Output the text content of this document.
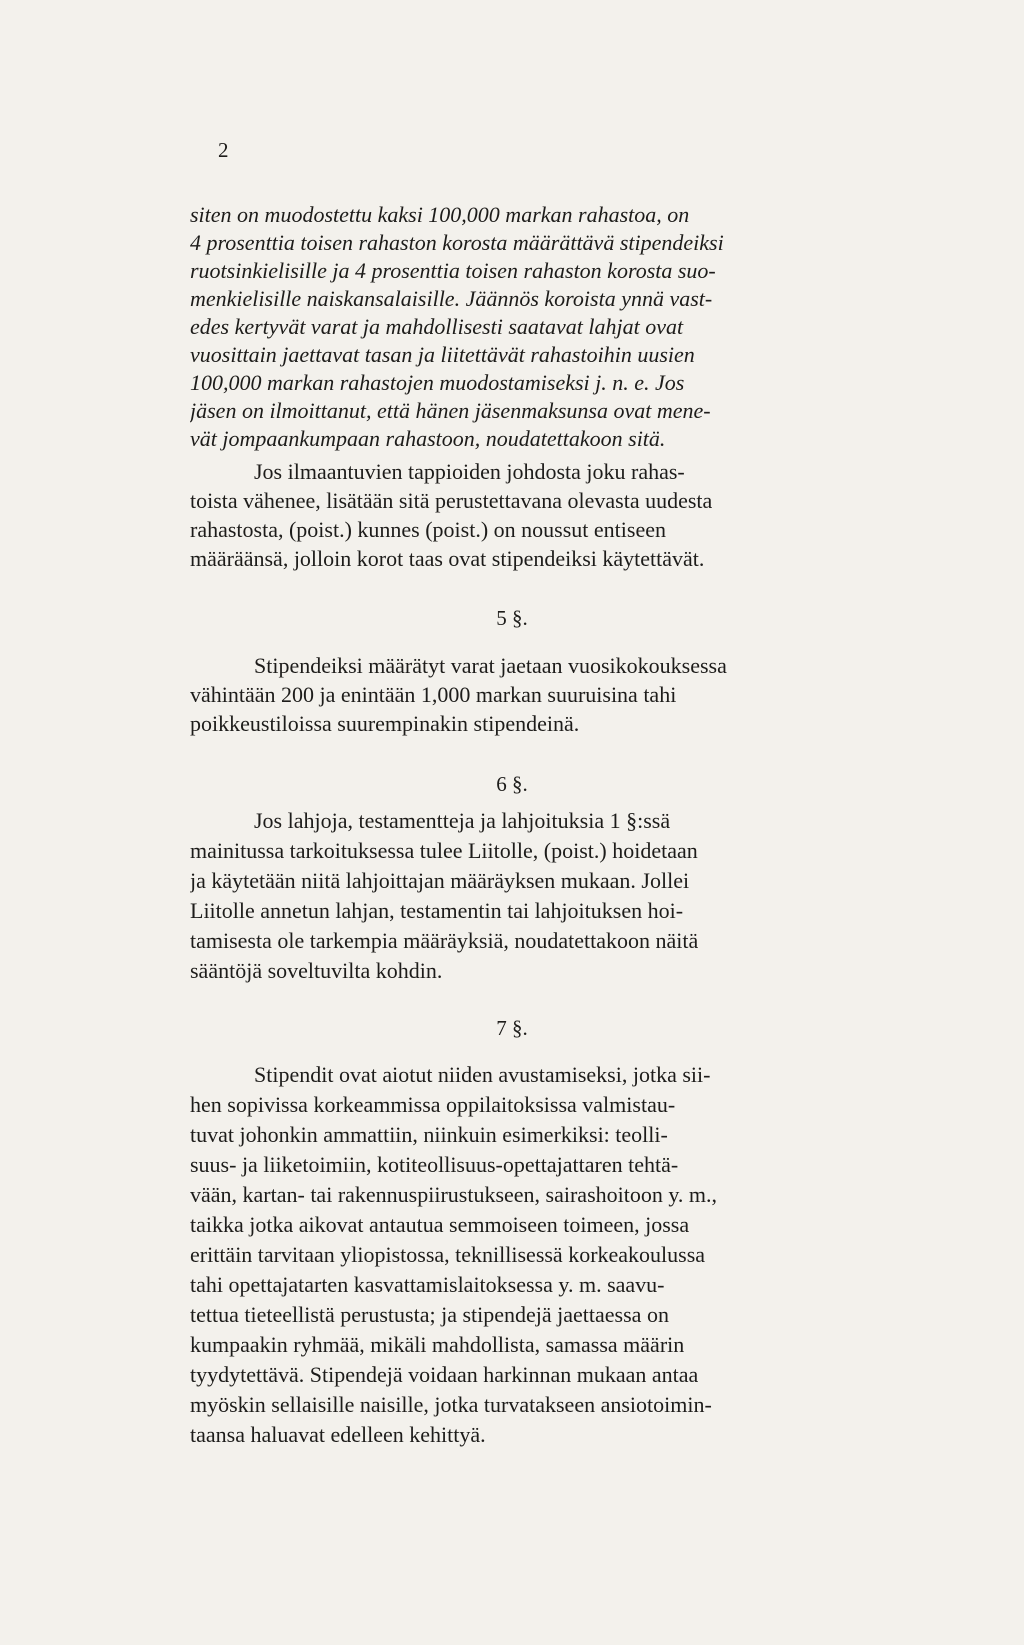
2
siten on muodostettu kaksi 100,000 markan rahastoa, on
4 prosenttia toisen rahaston korosta määrättävä stipendeiksi
ruotsinkielisille ja 4 prosenttia toisen rahaston korosta suo-
menkielisille naiskansalaisille. Jäännös koroista ynnä vast-
edes kertyvät varat ja mahdollisesti saatavat lahjat ovat
vuosittain jaettavat tasan ja liitettävät rahastoihin uusien
100,000 markan rahastojen muodostamiseksi j. n. e. Jos
jäsen on ilmoittanut, että hänen jäsenmaksunsa ovat mene-
vät jompaankumpaan rahastoon, noudatettakoon sitä.
Jos ilmaantuvien tappioiden johdosta joku rahas-
toista vähenee, lisätään sitä perustettavana olevasta uudesta
rahastosta, (poist.) kunnes (poist.) on noussut entiseen
määräänsä, jolloin korot taas ovat stipendeiksi käytettävät.
5 §.
Stipendeiksi määrätyt varat jaetaan vuosikokouksessa
vähintään 200 ja enintään 1,000 markan suuruisina tahi
poikkeustiloissa suurempinakin stipendeinä.
6 §.
Jos lahjoja, testamentteja ja lahjoituksia 1 §:ssä
mainitussa tarkoituksessa tulee Liitolle, (poist.) hoidetaan
ja käytetään niitä lahjoittajan määräyksen mukaan. Jollei
Liitolle annetun lahjan, testamentin tai lahjoituksen hoi-
tamisesta ole tarkempia määräyksiä, noudatettakoon näitä
sääntöjä soveltuvilta kohdin.
7 §.
Stipendit ovat aiotut niiden avustamiseksi, jotka sii-
hen sopivissa korkeammissa oppilaitoksissa valmistau-
tuvat johonkin ammattiin, niinkuin esimerkiksi: teolli-
suus- ja liiketoimiin, kotiteollisuus-opettajattaren tehtä-
vään, kartan- tai rakennuspiirustukseen, sairashoitoon y. m.,
taikka jotka aikovat antautua semmoiseen toimeen, jossa
erittäin tarvitaan yliopistossa, teknillisessä korkeakoulussa
tahi opettajatarten kasvattamislaitoksessa y. m. saavu-
tettua tieteellistä perustusta; ja stipendejä jaettaessa on
kumpaakin ryhmää, mikäli mahdollista, samassa määrin
tyydytettävä. Stipendejä voidaan harkinnan mukaan antaa
myöskin sellaisille naisille, jotka turvatakseen ansiotoimin-
taansa haluavat edelleen kehittyä.
